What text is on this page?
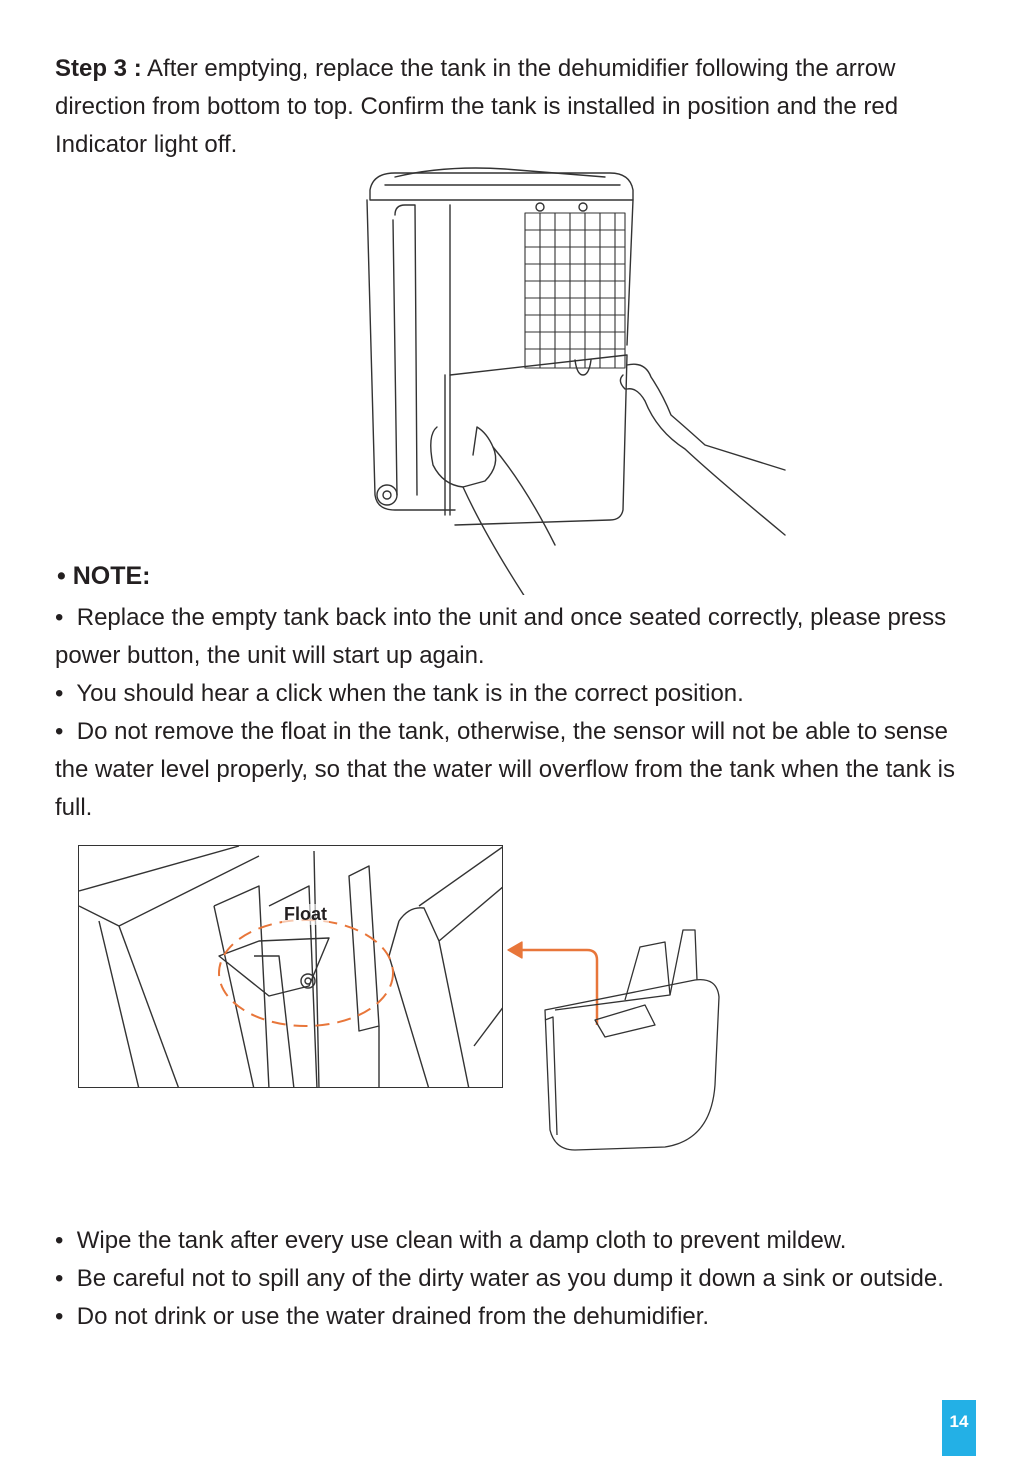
Step 3 : After emptying, replace the tank in the dehumidifier following the arrow direction from bottom to top. Confirm the tank is installed in position and the red Indicator light off.

• NOTE:

• Replace the empty tank back into the unit and once seated correctly, please press power button, the unit will start up again.

• You should hear a click when the tank is in the correct position.

• Do not remove the float in the tank, otherwise, the sensor will not be able to sense the water level properly, so that the water will overflow from the tank when the tank is full.

Float

• Wipe the tank after every use clean with a damp cloth to prevent mildew.

• Be careful not to spill any of the dirty water as you dump it down a sink or outside.

• Do not drink or use the water drained from the dehumidifier.

14
